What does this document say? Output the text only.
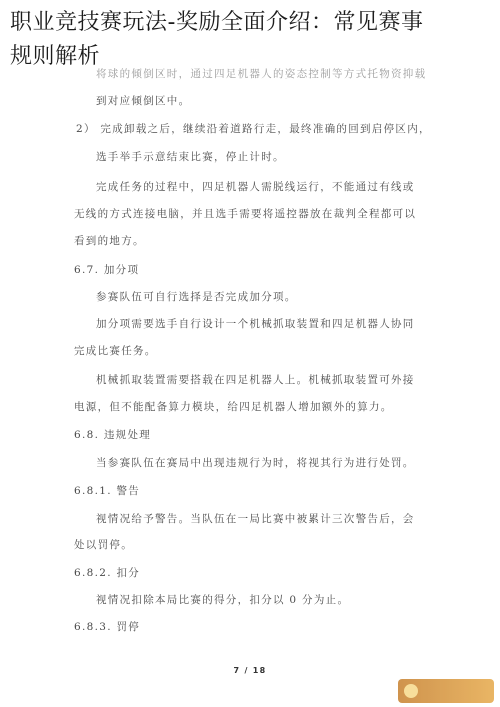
将球的倾倒区时，通过四足机器人的姿态控制等方式托物资抑载
到对应倾倒区中。
2） 完成卸载之后，继续沿着道路行走，最终准确的回到启停区内，
选手举手示意结束比赛，停止计时。
完成任务的过程中，四足机器人需脱线运行，不能通过有线或
无线的方式连接电脑，并且选手需要将遥控器放在裁判全程都可以
看到的地方。
6.7. 加分项
参赛队伍可自行选择是否完成加分项。
加分项需要选手自行设计一个机械抓取装置和四足机器人协同
完成比赛任务。
机械抓取装置需要搭载在四足机器人上。机械抓取装置可外接
电源，但不能配备算力模块，给四足机器人增加额外的算力。
6.8. 违规处理
当参赛队伍在赛局中出现违规行为时，将视其行为进行处罚。
6.8.1. 警告
视情况给予警告。当队伍在一局比赛中被累计三次警告后，会
处以罚停。
6.8.2. 扣分
视情况扣除本局比赛的得分，扣分以 0 分为止。
6.8.3. 罚停
7 / 18
职业竞技赛玩法-奖励全面介绍：常见赛事
规则解析
